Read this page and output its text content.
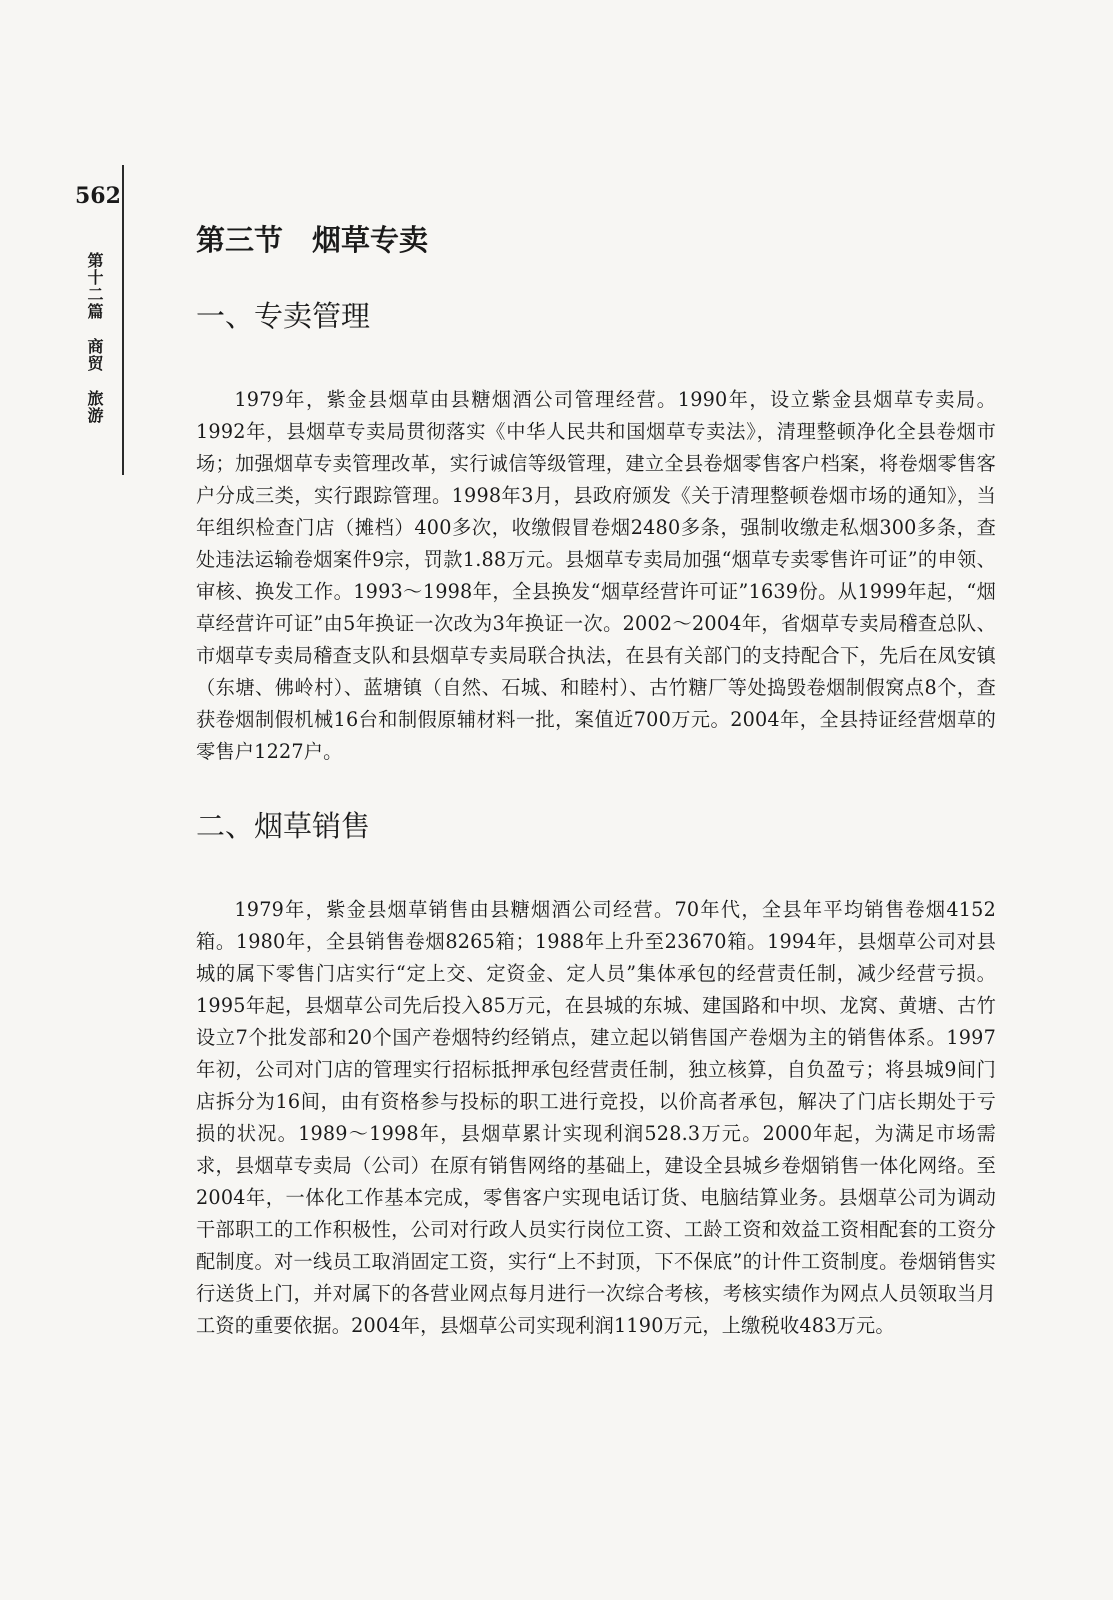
562
第十二篇商贸旅游
第三节　烟草专卖
一、专卖管理

1979年，紫金县烟草由县糖烟酒公司管理经营。1990年，设立紫金县烟草专卖局。1992年，县烟草专卖局贯彻落实《中华人民共和国烟草专卖法》，清理整顿净化全县卷烟市场；加强烟草专卖管理改革，实行诚信等级管理，建立全县卷烟零售客户档案，将卷烟零售客户分成三类，实行跟踪管理。1998年3月，县政府颁发《关于清理整顿卷烟市场的通知》，当年组织检查门店（摊档）400多次，收缴假冒卷烟2480多条，强制收缴走私烟300多条，查处违法运输卷烟案件9宗，罚款1.88万元。县烟草专卖局加强“烟草专卖零售许可证”的申领、审核、换发工作。1993～1998年，全县换发“烟草经营许可证”1639份。从1999年起，“烟草经营许可证”由5年换证一次改为3年换证一次。2002～2004年，省烟草专卖局稽查总队、市烟草专卖局稽查支队和县烟草专卖局联合执法，在县有关部门的支持配合下，先后在凤安镇（东塘、佛岭村）、蓝塘镇（自然、石城、和睦村）、古竹糖厂等处捣毁卷烟制假窝点8个，查获卷烟制假机械16台和制假原辅材料一批，案值近700万元。2004年，全县持证经营烟草的零售户1227户。

二、烟草销售

1979年，紫金县烟草销售由县糖烟酒公司经营。70年代，全县年平均销售卷烟4152箱。1980年，全县销售卷烟8265箱；1988年上升至23670箱。1994年，县烟草公司对县城的属下零售门店实行“定上交、定资金、定人员”集体承包的经营责任制，减少经营亏损。1995年起，县烟草公司先后投入85万元，在县城的东城、建国路和中坝、龙窝、黄塘、古竹设立7个批发部和20个国产卷烟特约经销点，建立起以销售国产卷烟为主的销售体系。1997年初，公司对门店的管理实行招标抵押承包经营责任制，独立核算，自负盈亏；将县城9间门店拆分为16间，由有资格参与投标的职工进行竞投，以价高者承包，解决了门店长期处于亏损的状况。1989～1998年，县烟草累计实现利润528.3万元。2000年起，为满足市场需求，县烟草专卖局（公司）在原有销售网络的基础上，建设全县城乡卷烟销售一体化网络。至2004年，一体化工作基本完成，零售客户实现电话订货、电脑结算业务。县烟草公司为调动干部职工的工作积极性，公司对行政人员实行岗位工资、工龄工资和效益工资相配套的工资分配制度。对一线员工取消固定工资，实行“上不封顶，下不保底”的计件工资制度。卷烟销售实行送货上门，并对属下的各营业网点每月进行一次综合考核，考核实绩作为网点人员领取当月工资的重要依据。2004年，县烟草公司实现利润1190万元，上缴税收483万元。
